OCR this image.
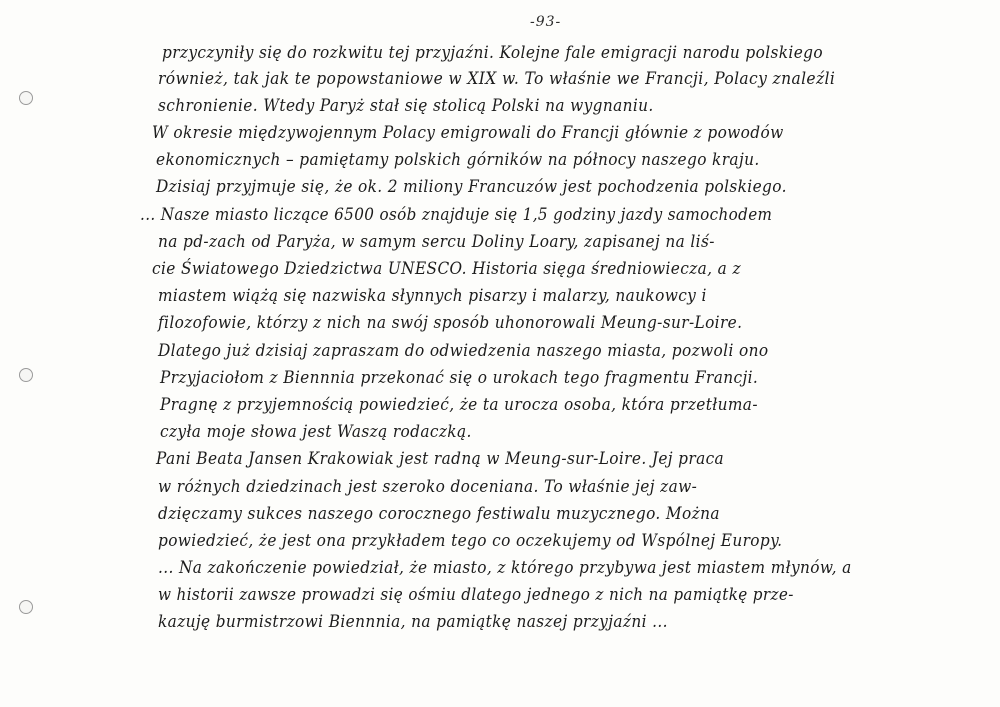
-93-
przyczyniły się do rozkwitu tej przyjaźni. Kolejne fale emigracji narodu polskiego
również, tak jak te popowstaniowe w XIX w. To właśnie we Francji, Polacy znaleźli
schronienie. Wtedy Paryż stał się stolicą Polski na wygnaniu.
W okresie międzywojennym Polacy emigrowali do Francji głównie z powodów
ekonomicznych – pamiętamy polskich górników na północy naszego kraju.
Dzisiaj przyjmuje się, że ok. 2 miliony Francuzów jest pochodzenia polskiego.
... Nasze miasto liczące 6500 osób znajduje się 1,5 godziny jazdy samochodem
na pd-zach od Paryża, w samym sercu Doliny Loary, zapisanej na liś-
cie Światowego Dziedzictwa UNESCO. Historia sięga średniowiecza, a z
miastem wiążą się nazwiska słynnych pisarzy i malarzy, naukowcy i
filozofowie, którzy z nich na swój sposób uhonorowali Meung-sur-Loire.
Dlatego już dzisiaj zapraszam do odwiedzenia naszego miasta, pozwoli ono
Przyjaciołom z Biennnia przekonać się o urokach tego fragmentu Francji.
Pragnę z przyjemnością powiedzieć, że ta urocza osoba, która przetłuma-
czyła moje słowa jest Waszą rodaczką.
Pani Beata Jansen Krakowiak jest radną w Meung-sur-Loire. Jej praca
w różnych dziedzinach jest szeroko doceniana. To właśnie jej zaw-
dzięczamy sukces naszego corocznego festiwalu muzycznego. Można
powiedzieć, że jest ona przykładem tego co oczekujemy od Wspólnej Europy.
... Na zakończenie powiedział, że miasto, z którego przybywa jest miastem młynów, a
w historii zawsze prowadzi się ośmiu dlatego jednego z nich na pamiątkę prze-
kazuję burmistrzowi Biennnia, na pamiątkę naszej przyjaźni ...
